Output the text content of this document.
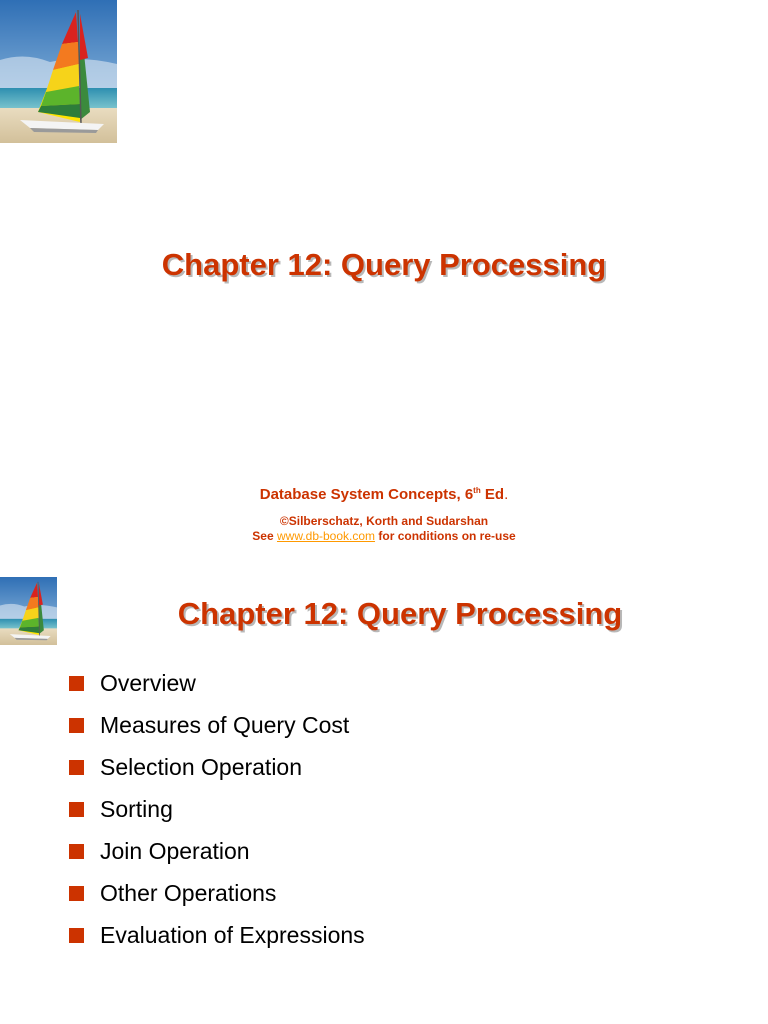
Chapter 12: Query Processing
Database System Concepts, 6th Ed.
©Silberschatz, Korth and Sudarshan
See www.db-book.com for conditions on re-use
Chapter 12: Query Processing
Overview
Measures of Query Cost
Selection Operation
Sorting
Join Operation
Other Operations
Evaluation of Expressions
